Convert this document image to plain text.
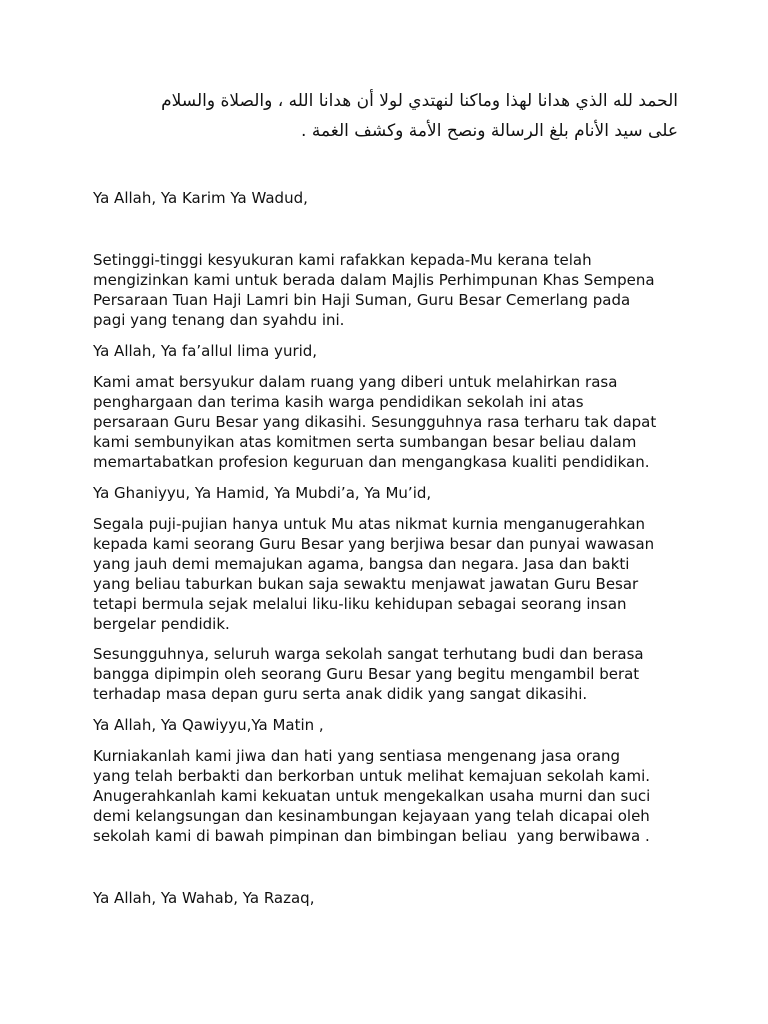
الحمد لله الذي هدانا لهذا وماكنا لنهتدي لولا أن هدانا الله ، والصلاة والسلام
على سيد الأنام بلغ الرسالة ونصح الأمة وكشف الغمة .

Ya Allah, Ya Karim Ya Wadud,

Setinggi-tinggi kesyukuran kami rafakkan kepada-Mu kerana telah
mengizinkan kami untuk berada dalam Majlis Perhimpunan Khas Sempena
Persaraan Tuan Haji Lamri bin Haji Suman, Guru Besar Cemerlang pada
pagi yang tenang dan syahdu ini.

Ya Allah, Ya fa’allul lima yurid,

Kami amat bersyukur dalam ruang yang diberi untuk melahirkan rasa
penghargaan dan terima kasih warga pendidikan sekolah ini atas
persaraan Guru Besar yang dikasihi. Sesungguhnya rasa terharu tak dapat
kami sembunyikan atas komitmen serta sumbangan besar beliau dalam
memartabatkan profesion keguruan dan mengangkasa kualiti pendidikan.

Ya Ghaniyyu, Ya Hamid, Ya Mubdi’a, Ya Mu’id,

Segala puji-pujian hanya untuk Mu atas nikmat kurnia menganugerahkan
kepada kami seorang Guru Besar yang berjiwa besar dan punyai wawasan
yang jauh demi memajukan agama, bangsa dan negara. Jasa dan bakti
yang beliau taburkan bukan saja sewaktu menjawat jawatan Guru Besar
tetapi bermula sejak melalui liku-liku kehidupan sebagai seorang insan
bergelar pendidik.

Sesungguhnya, seluruh warga sekolah sangat terhutang budi dan berasa
bangga dipimpin oleh seorang Guru Besar yang begitu mengambil berat
terhadap masa depan guru serta anak didik yang sangat dikasihi.

Ya Allah, Ya Qawiyyu,Ya Matin ,

Kurniakanlah kami jiwa dan hati yang sentiasa mengenang jasa orang
yang telah berbakti dan berkorban untuk melihat kemajuan sekolah kami.
Anugerahkanlah kami kekuatan untuk mengekalkan usaha murni dan suci
demi kelangsungan dan kesinambungan kejayaan yang telah dicapai oleh
sekolah kami di bawah pimpinan dan bimbingan beliau  yang berwibawa .

Ya Allah, Ya Wahab, Ya Razaq,
